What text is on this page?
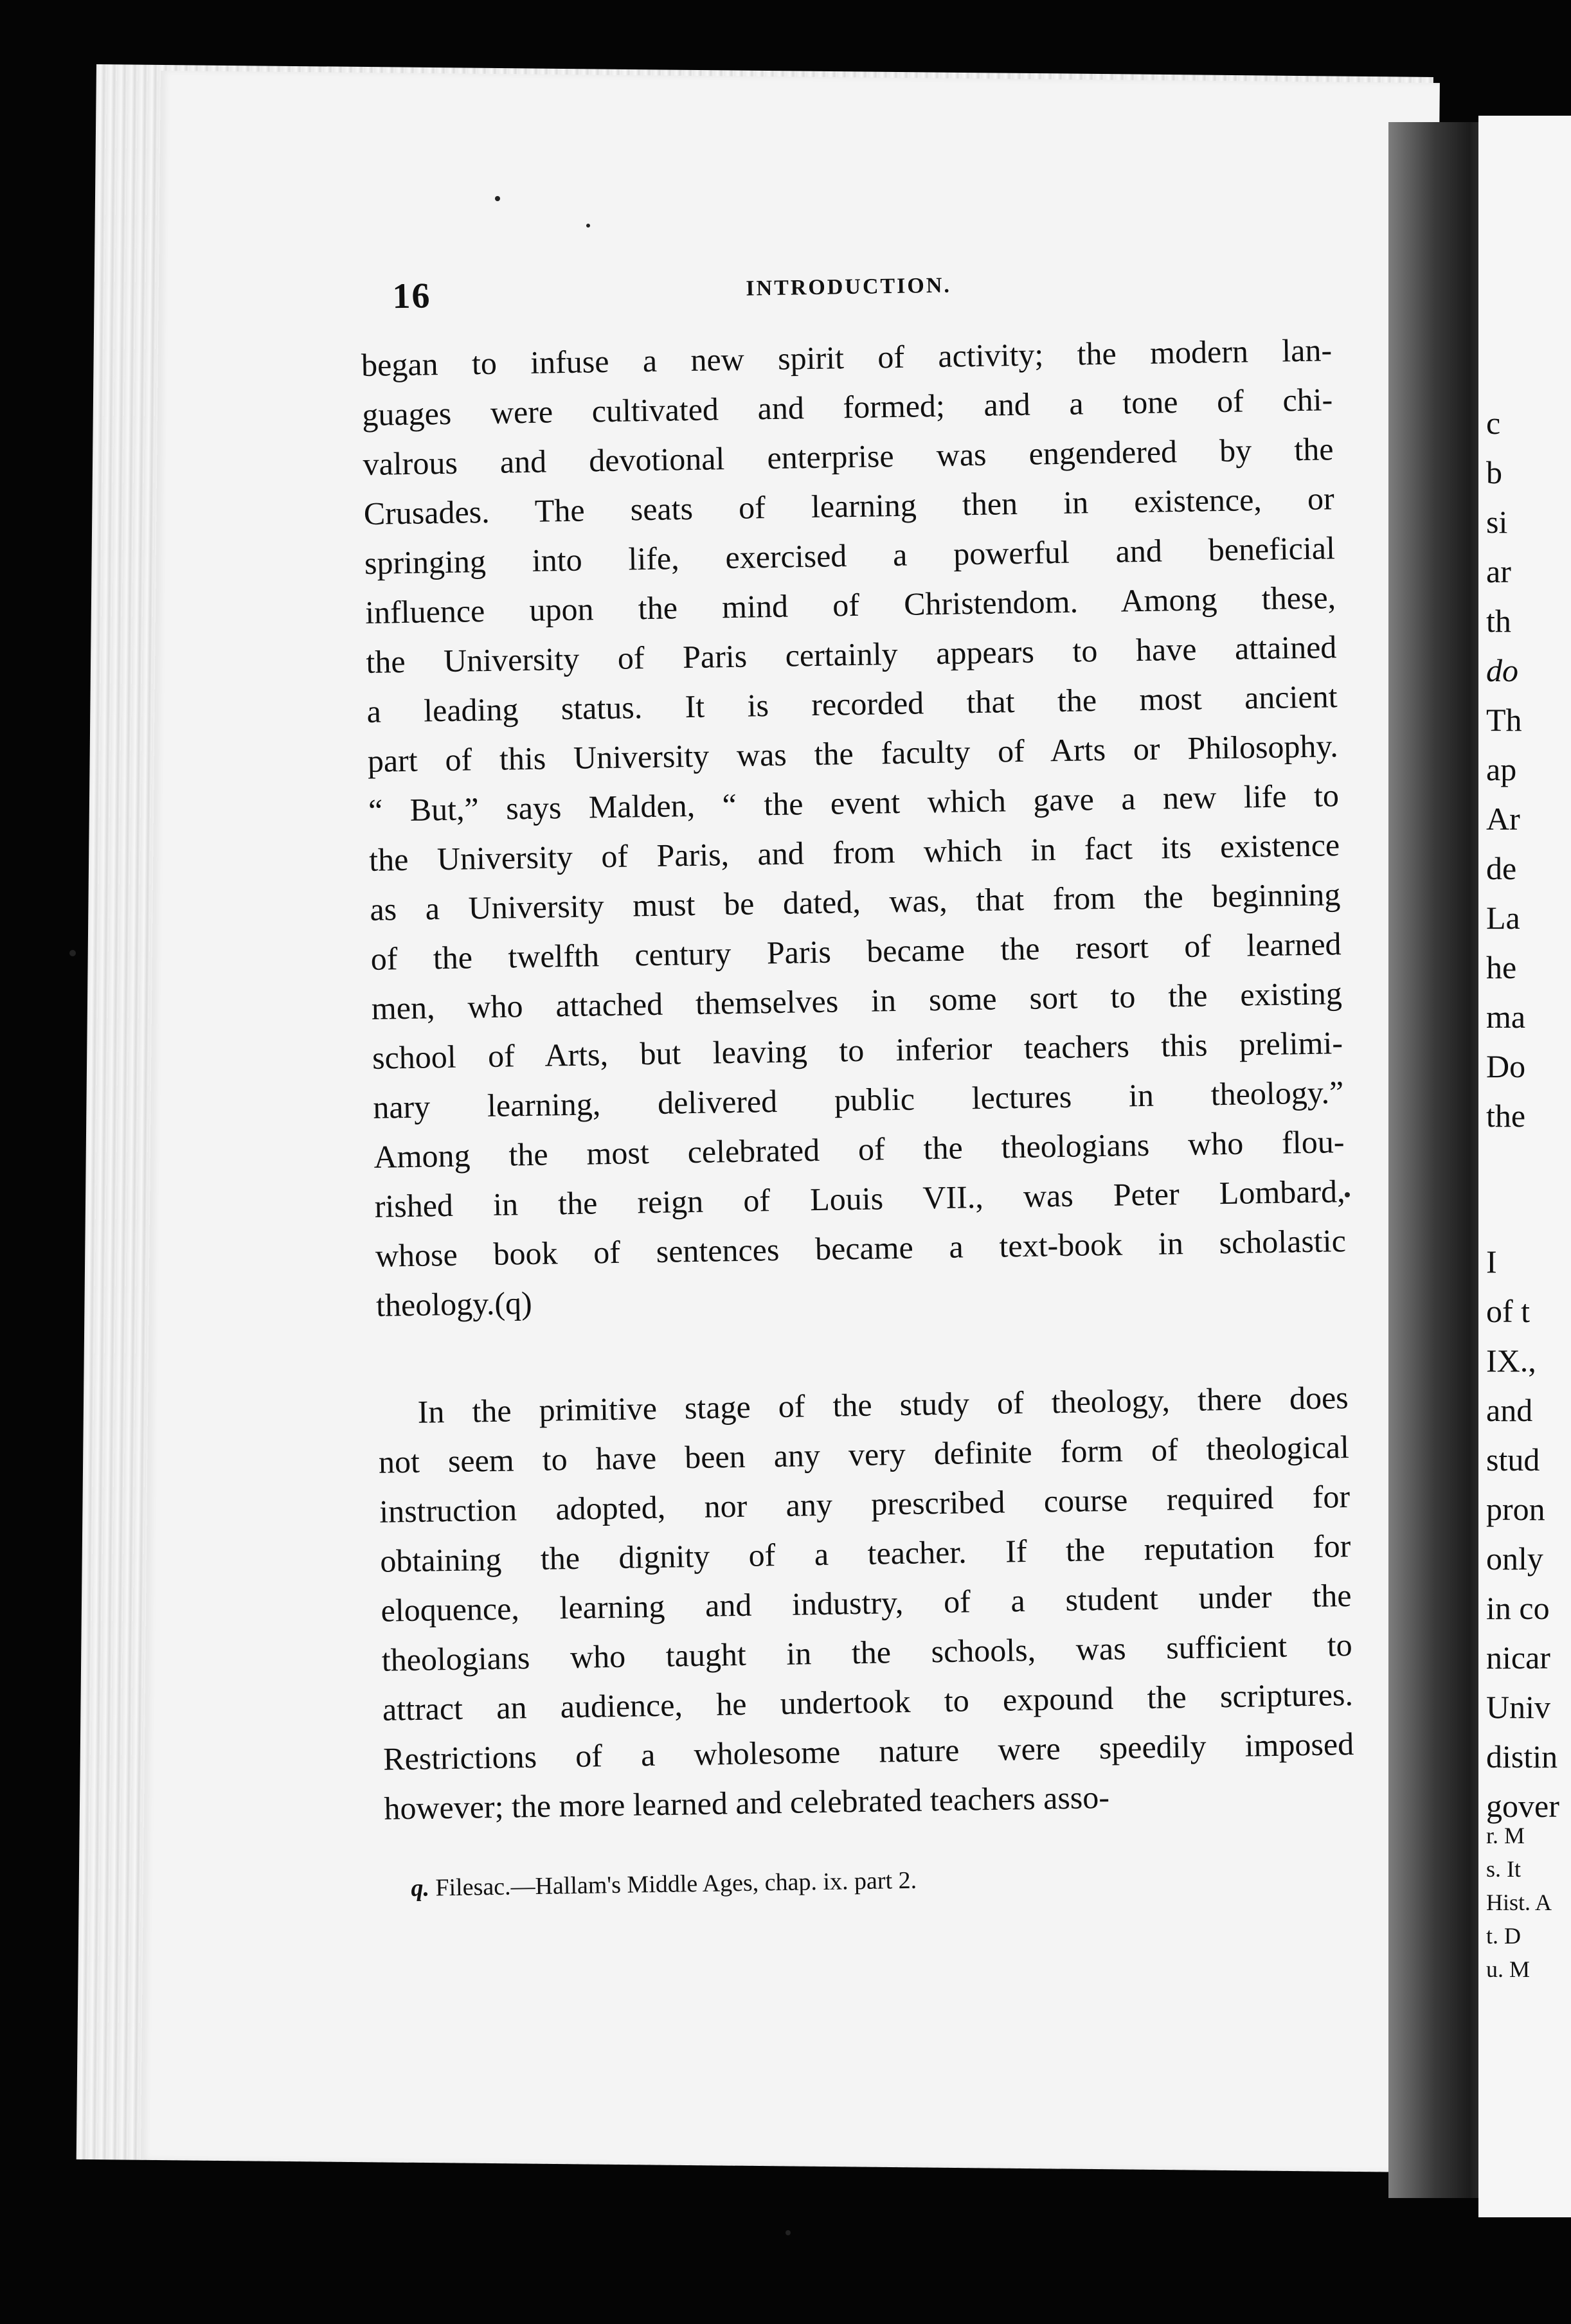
16	INTRODUCTION.
began to infuse a new spirit of activity; the modern lan-
guages were cultivated and formed; and a tone of chi-
valrous and devotional enterprise was engendered by the
Crusades. The seats of learning then in existence, or
springing into life, exercised a powerful and beneficial
influence upon the mind of Christendom. Among these,
the University of Paris certainly appears to have attained
a leading status. It is recorded that the most ancient
part of this University was the faculty of Arts or Philosophy.
“ But,” says Malden, “ the event which gave a new life to
the University of Paris, and from which in fact its existence
as a University must be dated, was, that from the beginning
of the twelfth century Paris became the resort of learned
men, who attached themselves in some sort to the existing
school of Arts, but leaving to inferior teachers this prelimi-
nary learning, delivered public lectures in theology.”
Among the most celebrated of the theologians who flou-
rished in the reign of Louis VII., was Peter Lombard,
whose book of sentences became a text-book in scholastic
theology.(q)
In the primitive stage of the study of theology, there does
not seem to have been any very definite form of theological
instruction adopted, nor any prescribed course required for
obtaining the dignity of a teacher. If the reputation for
eloquence, learning and industry, of a student under the
theologians who taught in the schools, was sufficient to
attract an audience, he undertook to expound the scriptures.
Restrictions of a wholesome nature were speedily imposed
however; the more learned and celebrated teachers asso-
q. Filesac.—Hallam's Middle Ages, chap. ix. part 2.
c
b
si
ar
th
do
Th
ap
Ar
de
La
he
ma
Do
the
I
of t
IX.,
and
stud
pron
only
in co
nicar
Univ
distin
gover
r. M
s. It
Hist. A
t. D
u. M
